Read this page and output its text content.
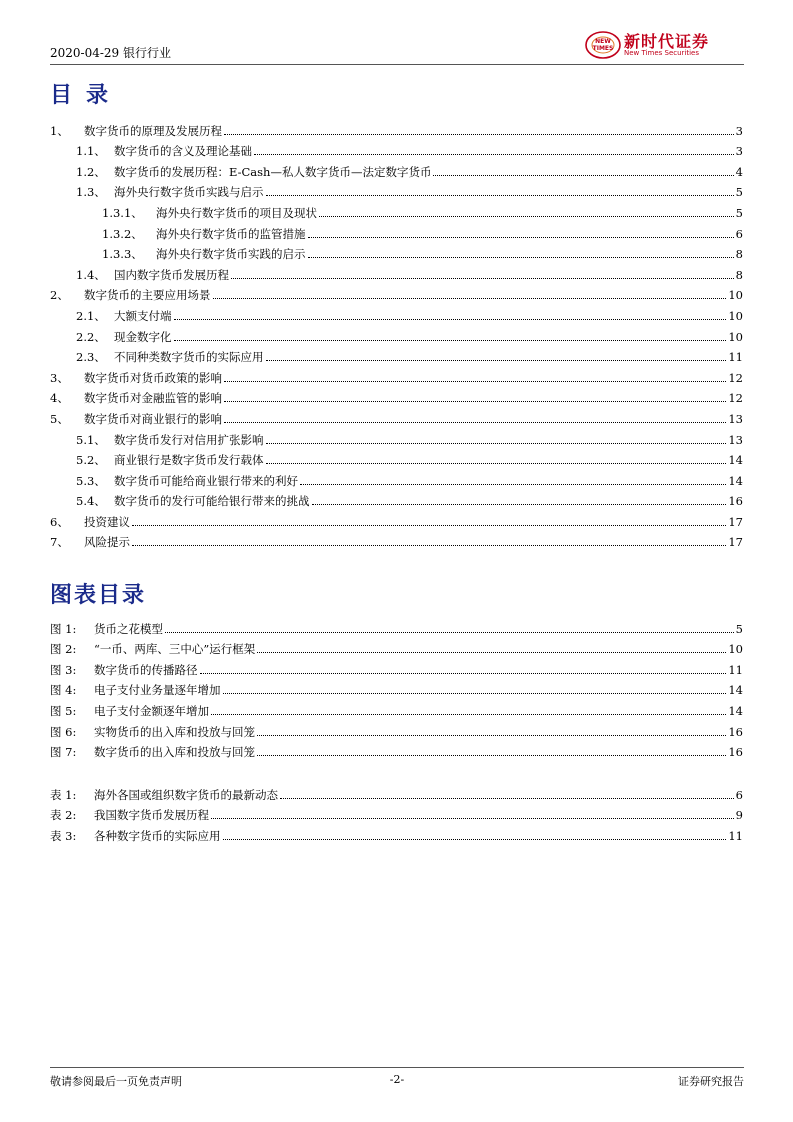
2020-04-29 银行行业
NEW
TIMES 新时代证券
New Times Securities
目录
1、	数字货币的原理及发展历程	3
1.1、 数字货币的含义及理论基础	3
1.2、 数字货币的发展历程：E-Cash—私人数字货币—法定数字货币	4
1.3、 海外央行数字货币实践与启示	5
1.3.1、 海外央行数字货币的项目及现状	5
1.3.2、 海外央行数字货币的监管措施	6
1.3.3、 海外央行数字货币实践的启示	8
1.4、 国内数字货币发展历程	8
2、	数字货币的主要应用场景	10
2.1、 大额支付端	10
2.2、 现金数字化	10
2.3、 不同种类数字货币的实际应用	11
3、	数字货币对货币政策的影响	12
4、	数字货币对金融监管的影响	12
5、	数字货币对商业银行的影响	13
5.1、 数字货币发行对信用扩张影响	13
5.2、 商业银行是数字货币发行载体	14
5.3、 数字货币可能给商业银行带来的利好	14
5.4、 数字货币的发行可能给银行带来的挑战	16
6、	投资建议	17
7、	风险提示	17
图表目录
图 1:	货币之花模型	5
图 2:	“一币、两库、三中心”运行框架	10
图 3:	数字货币的传播路径	11
图 4:	电子支付业务量逐年增加	14
图 5:	电子支付金额逐年增加	14
图 6:	实物货币的出入库和投放与回笼	16
图 7:	数字货币的出入库和投放与回笼	16
表 1:	海外各国或组织数字货币的最新动态	6
表 2:	我国数字货币发展历程	9
表 3:	各种数字货币的实际应用	11
敬请参阅最后一页免责声明	-2-	证券研究报告
